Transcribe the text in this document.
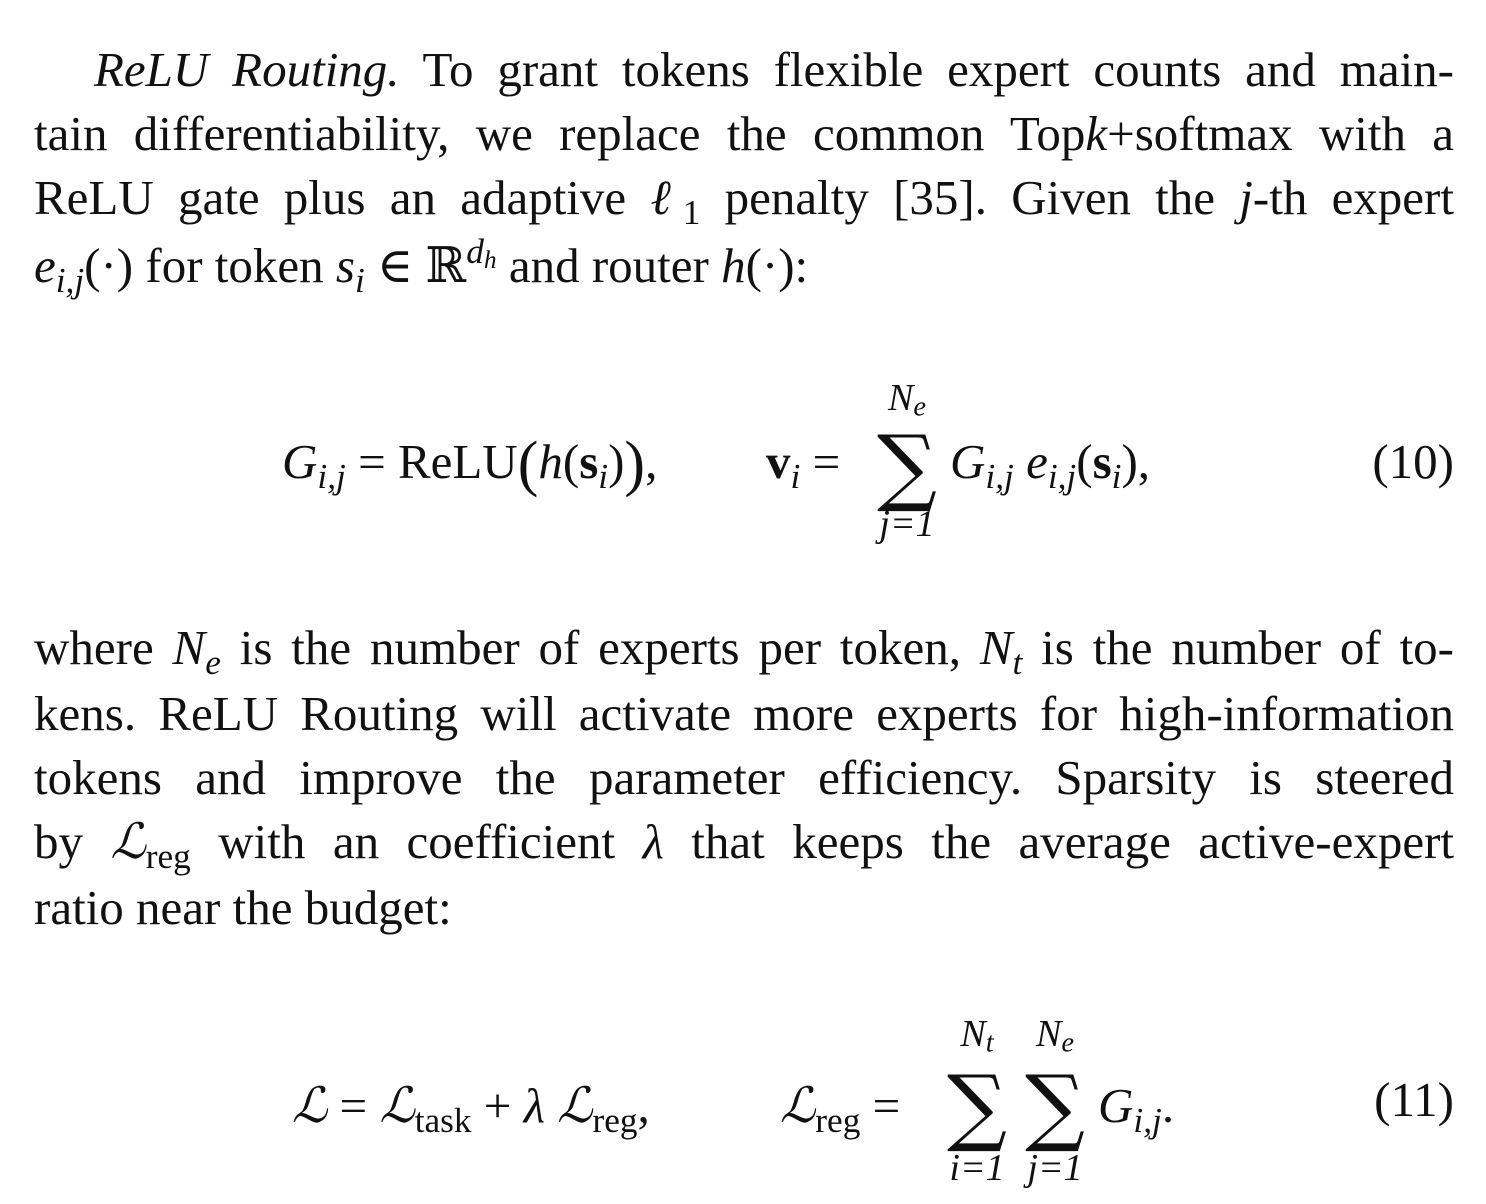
ReLU Routing. To grant tokens flexible expert counts and main-
tain differentiability, we replace the common Topk+softmax with a
ReLU gate plus an adaptive ℓ$_1$ penalty [35]. Given the j-th expert
$e_{i,j}(\cdot)$ for token $s_i$ ∈ ℝ$^{dh}$ and router h(·):
$G_{i,j}$ = $ReLU(h(s_i))$, $v_i$ =
Ne
∑
j=1
$G_{i,j}$ $e_{i,j}(s_i)$,	(10)
where $N_e$ is the number of experts per token, $N_t$ is the number of to-
kens. ReLU Routing will activate more experts for high-information
tokens and improve the parameter efficiency. Sparsity is steered
by ℒ$_{reg}$ with an coefficient λ that keeps the average active-expert
ratio near the budget:
ℒ = ℒ$_{task}$ + λ ℒ$_{reg}$,	ℒ$_{reg}$ =
Nt
∑
i=1
Ne
∑
j=1
$G_{i,j}$.	(11)
